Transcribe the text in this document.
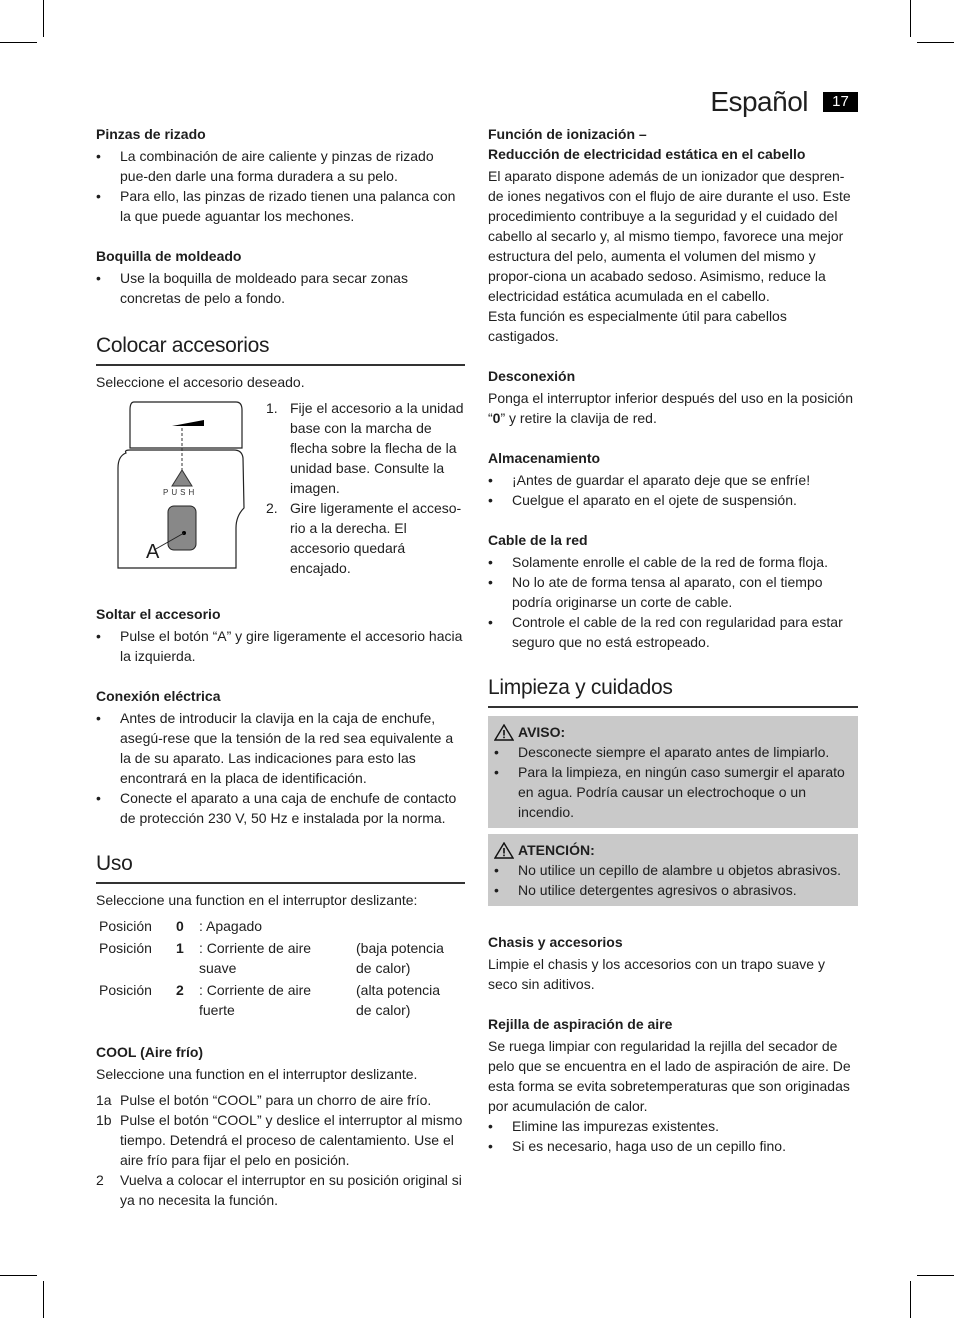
Español	17
Pinzas de rizado
• La combinación de aire caliente y pinzas de rizado pue-den darle una forma duradera a su pelo.
• Para ello, las pinzas de rizado tienen una palanca con la que puede aguantar los mechones.
Boquilla de moldeado
• Use la boquilla de moldeado para secar zonas concretas de pelo a fondo.
Colocar accesorios

Seleccione el accesorio deseado.

PUSH
A
1. Fije el accesorio a la unidad base con la marcha de flecha sobre la flecha de la unidad base. Consulte la imagen.
2. Gire ligeramente el acceso-rio a la derecha. El accesorio quedará encajado.
Soltar el accesorio
• Pulse el botón “A” y gire ligeramente el accesorio hacia la izquierda.
Conexión eléctrica
• Antes de introducir la clavija en la caja de enchufe, asegú-rese que la tensión de la red sea equivalente a la de su aparato. Las indicaciones para esto las encontrará en la placa de identificación.
• Conecte el aparato a una caja de enchufe de contacto de protección 230 V, 50 Hz e instalada por la norma.
Uso

Seleccione una function en el interruptor deslizante:

Posición	0	: Apagado	
Posición	1	: Corriente de aire suave	(baja potencia de calor)
Posición	2	: Corriente de aire fuerte	(alta potencia de calor)
COOL (Aire frío)

Seleccione una function en el interruptor deslizante.

1a Pulse el botón “COOL” para un chorro de aire frío.
1b Pulse el botón “COOL” y deslice el interruptor al mismo tiempo. Detendrá el proceso de calentamiento. Use el aire frío para fijar el pelo en posición.
2 Vuelva a colocar el interruptor en su posición original si ya no necesita la función.
Función de ionización –
Reducción de electricidad estática en el cabello

El aparato dispone además de un ionizador que despren-de iones negativos con el flujo de aire durante el uso. Este procedimiento contribuye a la seguridad y el cuidado del cabello al secarlo y, al mismo tiempo, favorece una mejor estructura del pelo, aumenta el volumen del mismo y propor-ciona un acabado sedoso. Asimismo, reduce la electricidad estática acumulada en el cabello.

Esta función es especialmente útil para cabellos castigados.

Desconexión

Ponga el interruptor inferior después del uso en la posición “0” y retire la clavija de red.

Almacenamiento
• ¡Antes de guardar el aparato deje que se enfríe!
• Cuelgue el aparato en el ojete de suspensión.
Cable de la red
• Solamente enrolle el cable de la red de forma floja.
• No lo ate de forma tensa al aparato, con el tiempo podría originarse un corte de cable.
• Controle el cable de la red con regularidad para estar seguro que no está estropeado.
Limpieza y cuidados
AVISO:
• Desconecte siempre el aparato antes de limpiarlo.
• Para la limpieza, en ningún caso sumergir el aparato en agua. Podría causar un electrochoque o un incendio.
ATENCIÓN:
• No utilice un cepillo de alambre u objetos abrasivos.
• No utilice detergentes agresivos o abrasivos.
Chasis y accesorios

Limpie el chasis y los accesorios con un trapo suave y seco sin aditivos.

Rejilla de aspiración de aire

Se ruega limpiar con regularidad la rejilla del secador de pelo que se encuentra en el lado de aspiración de aire. De esta forma se evita sobretemperaturas que son originadas por acumulación de calor.

• Elimine las impurezas existentes.
• Si es necesario, haga uso de un cepillo fino.
